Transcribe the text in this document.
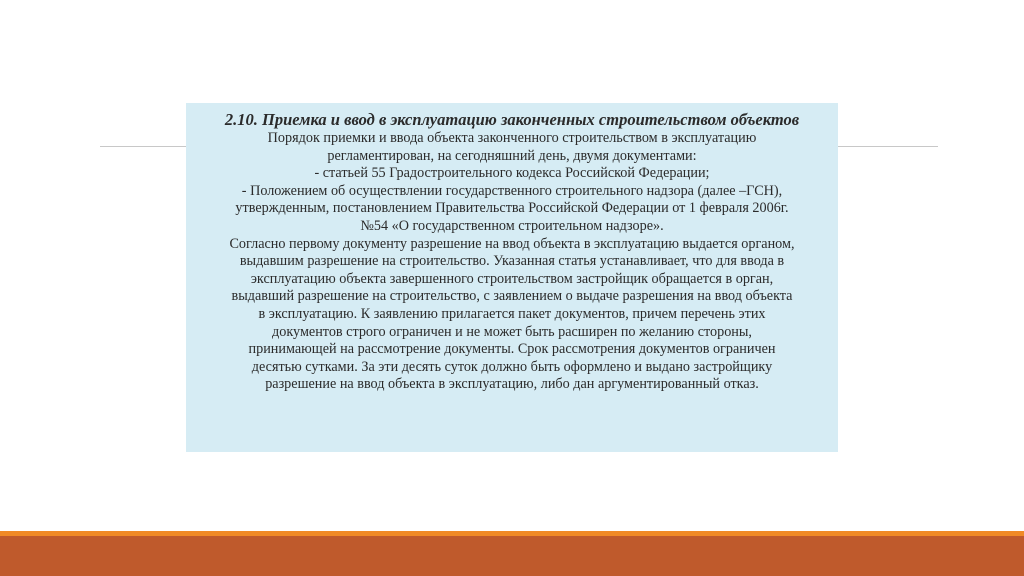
2.10. Приемка и ввод в эксплуатацию законченных строительством объектов
Порядок приемки и ввода объекта законченного строительством в эксплуатацию
регламентирован, на сегодняшний день, двумя документами:
- статьей 55 Градостроительного кодекса Российской Федерации;
- Положением об осуществлении государственного строительного надзора (далее –ГСН),
утвержденным, постановлением Правительства Российской Федерации от 1 февраля 2006г.
№54 «О государственном строительном надзоре».
Согласно первому документу разрешение на ввод объекта в эксплуатацию выдается органом,
выдавшим разрешение на строительство. Указанная статья устанавливает, что для ввода в
эксплуатацию объекта завершенного строительством застройщик обращается в орган,
выдавший разрешение на строительство, с заявлением о выдаче разрешения на ввод объекта
в эксплуатацию. К заявлению прилагается пакет документов, причем перечень этих
документов строго ограничен и не может быть расширен по желанию стороны,
принимающей на рассмотрение документы. Срок рассмотрения документов ограничен
десятью сутками. За эти десять суток должно быть оформлено и выдано застройщику
разрешение на ввод объекта в эксплуатацию, либо дан аргументированный отказ.
